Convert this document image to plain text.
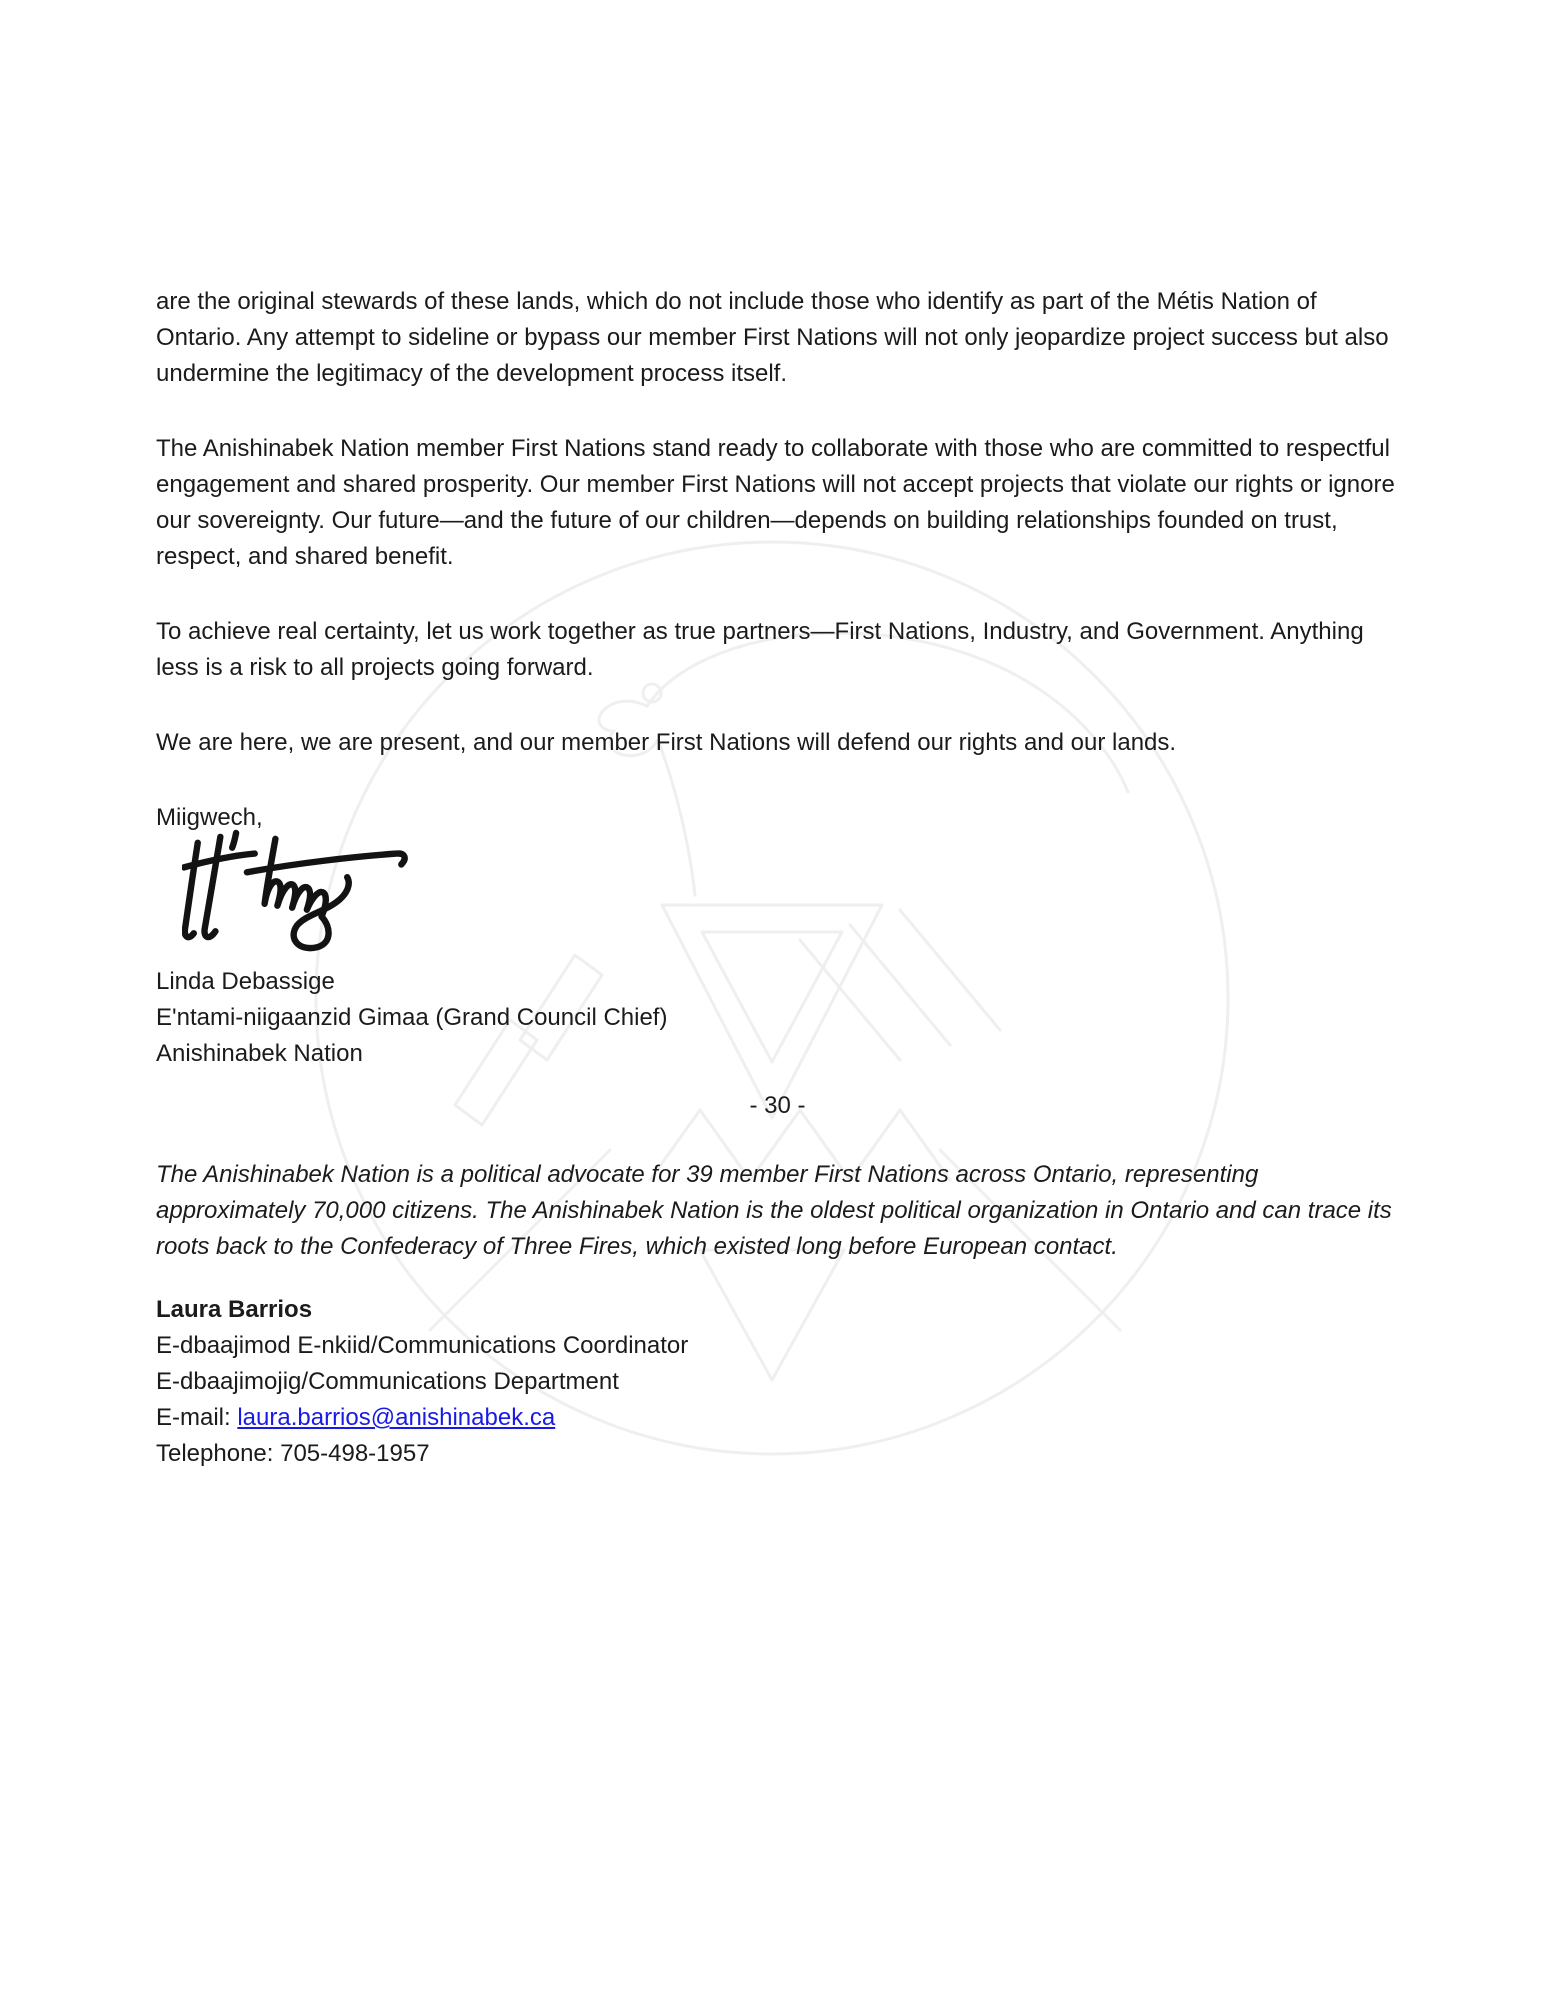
are the original stewards of these lands, which do not include those who identify as part of the Métis Nation of Ontario. Any attempt to sideline or bypass our member First Nations will not only jeopardize project success but also undermine the legitimacy of the development process itself.

The Anishinabek Nation member First Nations stand ready to collaborate with those who are committed to respectful engagement and shared prosperity. Our member First Nations will not accept projects that violate our rights or ignore our sovereignty. Our future—and the future of our children—depends on building relationships founded on trust, respect, and shared benefit.

To achieve real certainty, let us work together as true partners—First Nations, Industry, and Government. Anything less is a risk to all projects going forward.

We are here, we are present, and our member First Nations will defend our rights and our lands.

Miigwech,

Linda Debassige

E'ntami-niigaanzid Gimaa (Grand Council Chief)

Anishinabek Nation

- 30 -

The Anishinabek Nation is a political advocate for 39 member First Nations across Ontario, representing approximately 70,000 citizens. The Anishinabek Nation is the oldest political organization in Ontario and can trace its roots back to the Confederacy of Three Fires, which existed long before European contact.

Laura Barrios

E-dbaajimod E-nkiid/Communications Coordinator

E-dbaajimojig/Communications Department

E-mail: laura.barrios@anishinabek.ca

Telephone: 705-498-1957
